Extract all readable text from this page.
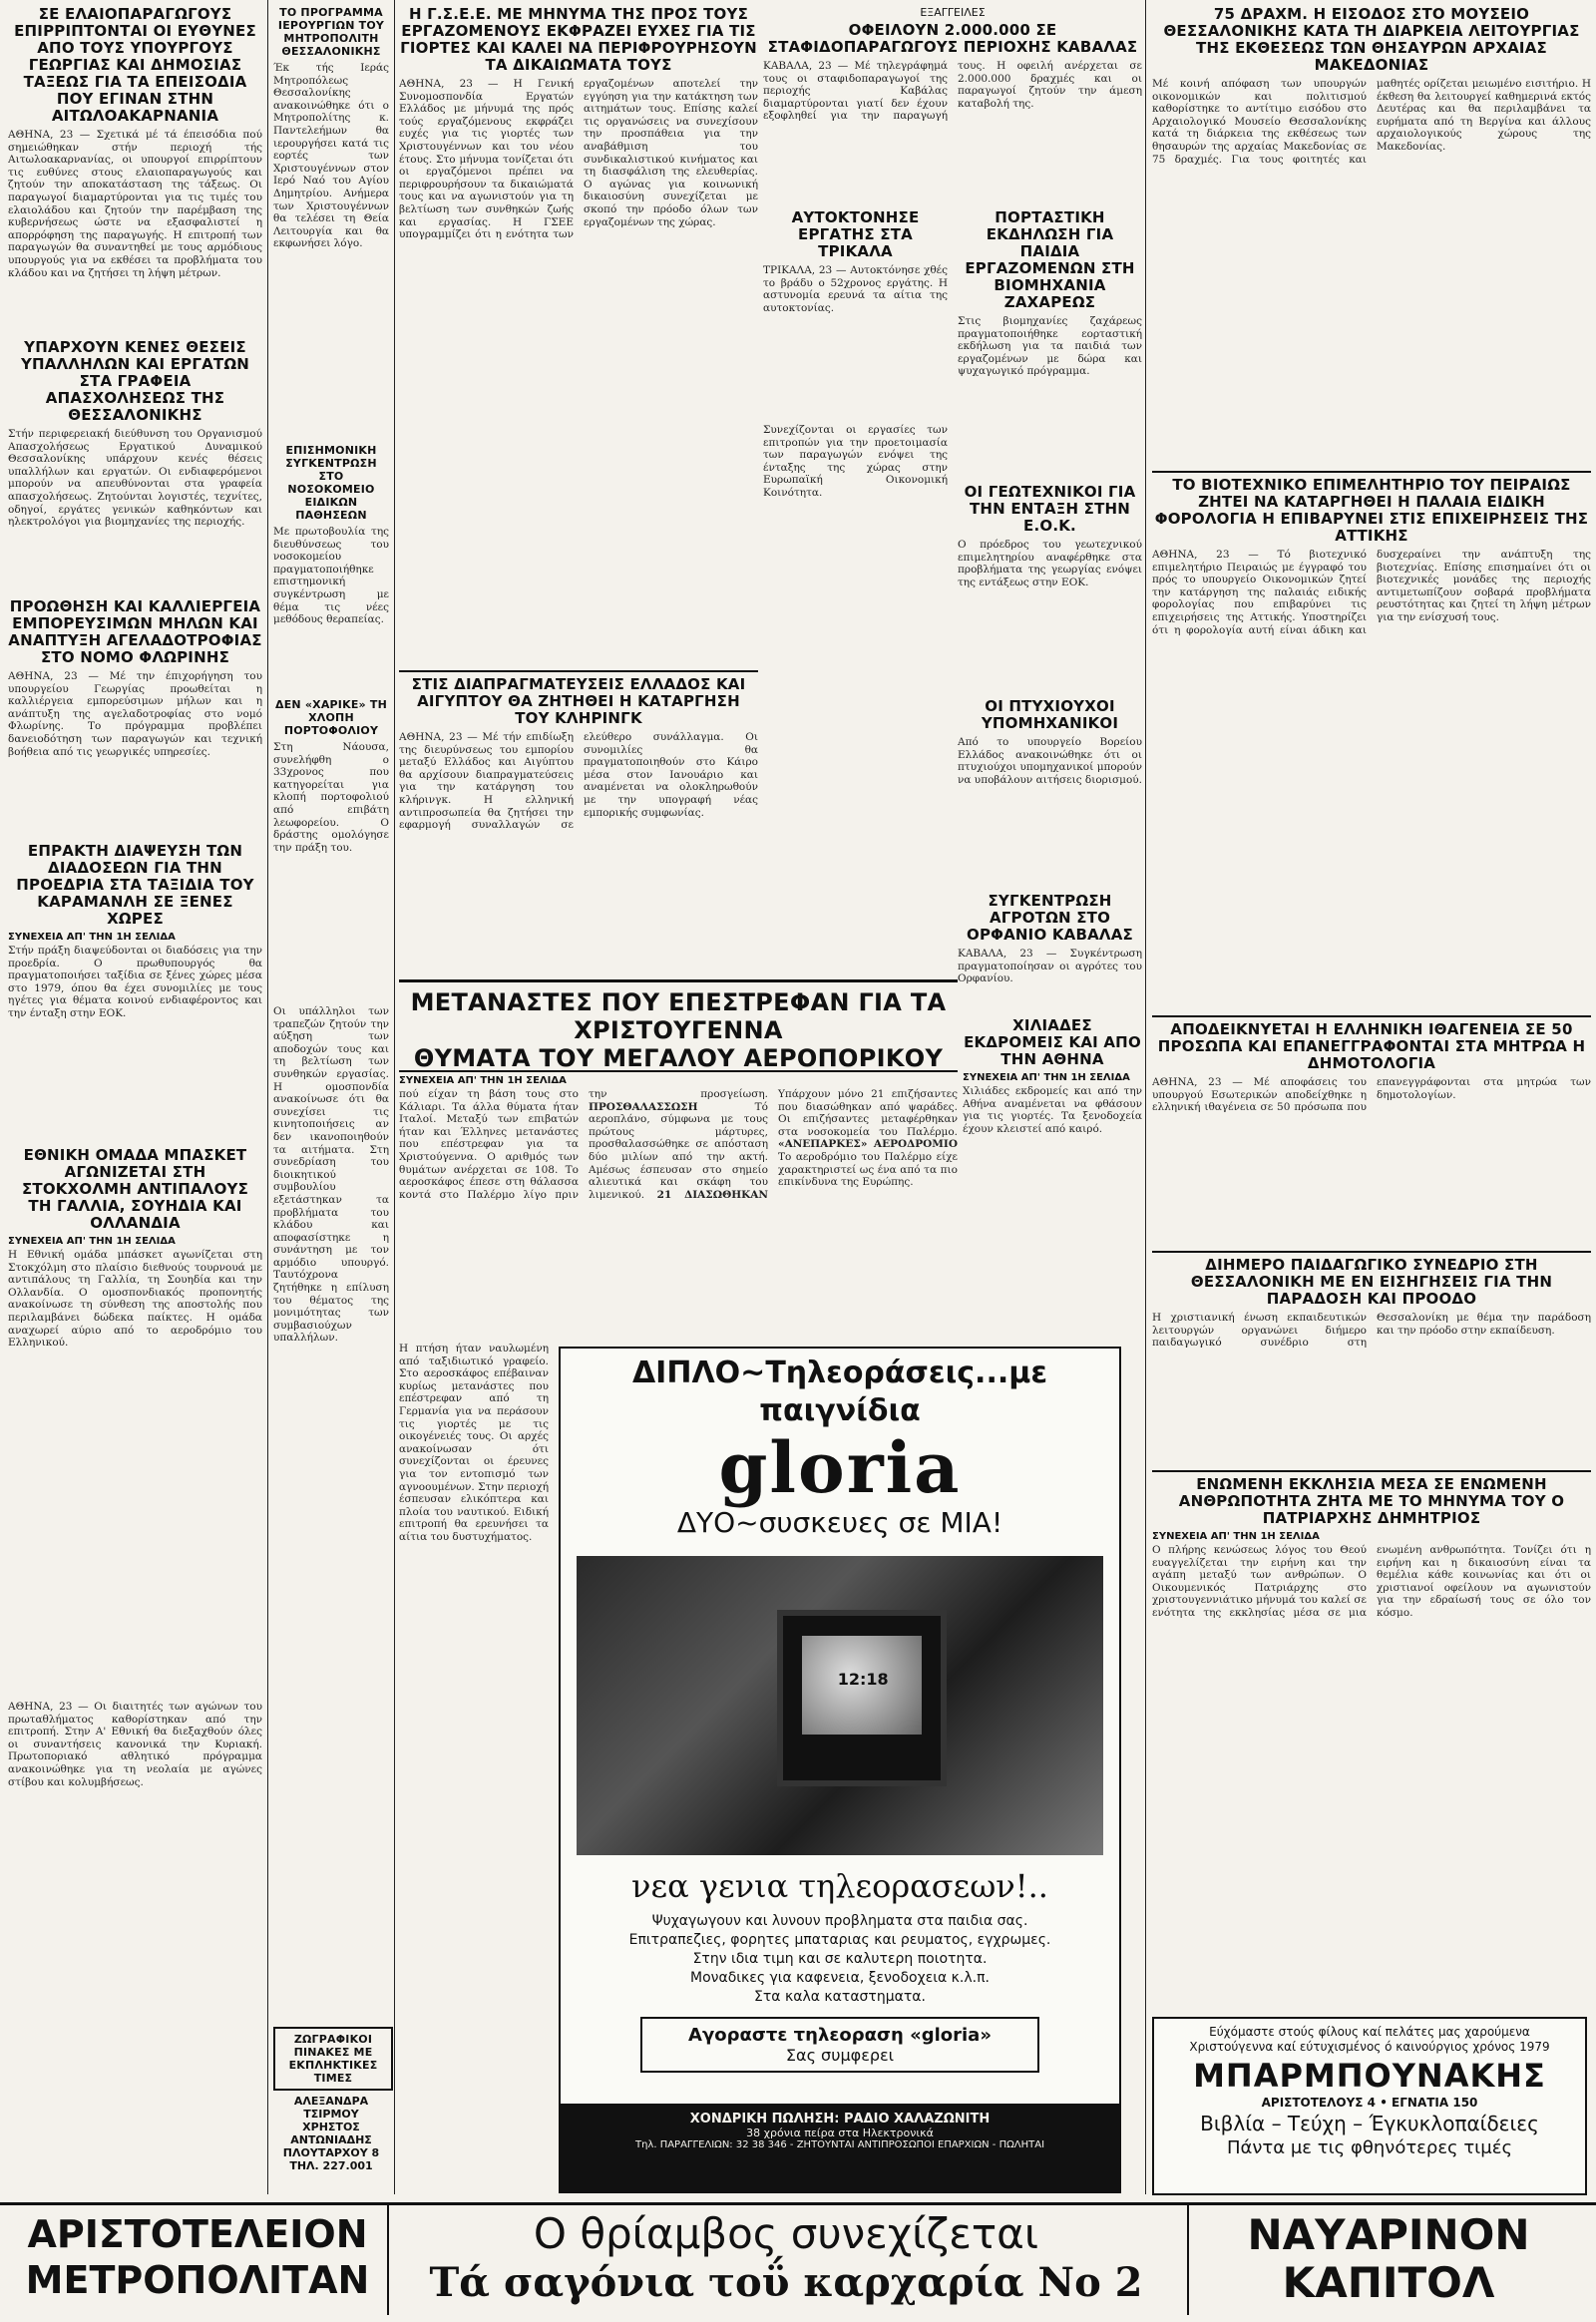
ΣΕ ΕΛΑΙΟΠΑΡΑΓΩΓΟΥΣ ΕΠΙΡΡΙΠΤΟΝΤΑΙ ΟΙ ΕΥΘΥΝΕΣ ΑΠΟ ΤΟΥΣ ΥΠΟΥΡΓΟΥΣ ΓΕΩΡΓΙΑΣ ΚΑΙ ΔΗΜΟΣΙΑΣ ΤΑΞΕΩΣ ΓΙΑ ΤΑ ΕΠΕΙΣΟΔΙΑ ΠΟΥ ΕΓΙΝΑΝ ΣΤΗΝ ΑΙΤΩΛΟΑΚΑΡΝΑΝΙΑ

ΑΘΗΝΑ, 23 — Σχετικά μέ τά έπεισόδια πού σημειώθηκαν στήν περιοχή τής Αιτωλοακαρνανίας, οι υπουργοί επιρρίπτουν τις ευθύνες στους ελαιοπαραγωγούς και ζητούν την αποκατάσταση της τάξεως. Οι παραγωγοί διαμαρτύρονται για τις τιμές του ελαιολάδου και ζητούν την παρέμβαση της κυβερνήσεως ώστε να εξασφαλιστεί η απορρόφηση της παραγωγής. Η επιτροπή των παραγωγών θα συναντηθεί με τους αρμόδιους υπουργούς για να εκθέσει τα προβλήματα του κλάδου και να ζητήσει τη λήψη μέτρων.

ΥΠΑΡΧΟΥΝ ΚΕΝΕΣ ΘΕΣΕΙΣ ΥΠΑΛΛΗΛΩΝ ΚΑΙ ΕΡΓΑΤΩΝ ΣΤΑ ΓΡΑΦΕΙΑ ΑΠΑΣΧΟΛΗΣΕΩΣ ΤΗΣ ΘΕΣΣΑΛΟΝΙΚΗΣ

Στήν περιφερειακή διεύθυνση του Οργανισμού Απασχολήσεως Εργατικού Δυναμικού Θεσσαλονίκης υπάρχουν κενές θέσεις υπαλλήλων και εργατών. Οι ενδιαφερόμενοι μπορούν να απευθύνονται στα γραφεία απασχολήσεως. Ζητούνται λογιστές, τεχνίτες, οδηγοί, εργάτες γενικών καθηκόντων και ηλεκτρολόγοι για βιομηχανίες της περιοχής.

ΠΡΟΩΘΗΣΗ ΚΑΙ ΚΑΛΛΙΕΡΓΕΙΑ ΕΜΠΟΡΕΥΣΙΜΩΝ ΜΗΛΩΝ ΚΑΙ ΑΝΑΠΤΥΞΗ ΑΓΕΛΑΔΟΤΡΟΦΙΑΣ ΣΤΟ ΝΟΜΟ ΦΛΩΡΙΝΗΣ

ΑΘΗΝΑ, 23 — Μέ την έπιχορήγηση του υπουργείου Γεωργίας προωθείται η καλλιέργεια εμπορεύσιμων μήλων και η ανάπτυξη της αγελαδοτροφίας στο νομό Φλωρίνης. Το πρόγραμμα προβλέπει δανειοδότηση των παραγωγών και τεχνική βοήθεια από τις γεωργικές υπηρεσίες.

ΕΠΡΑΚΤΗ ΔΙΑΨΕΥΣΗ ΤΩΝ ΔΙΑΔΟΣΕΩΝ ΓΙΑ ΤΗΝ ΠΡΟΕΔΡΙΑ ΣΤΑ ΤΑΞΙΔΙΑ ΤΟΥ ΚΑΡΑΜΑΝΛΗ ΣΕ ΞΕΝΕΣ ΧΩΡΕΣ

ΣΥΝΕΧΕΙΑ ΑΠ' ΤΗΝ 1Η ΣΕΛΙΔΑ

Στήν πράξη διαψεύδονται οι διαδόσεις για την προεδρία. Ο πρωθυπουργός θα πραγματοποιήσει ταξίδια σε ξένες χώρες μέσα στο 1979, όπου θα έχει συνομιλίες με τους ηγέτες για θέματα κοινού ενδιαφέροντος και την ένταξη στην ΕΟΚ.

ΕΘΝΙΚΗ ΟΜΑΔΑ ΜΠΑΣΚΕΤ ΑΓΩΝΙΖΕΤΑΙ ΣΤΗ ΣΤΟΚΧΟΛΜΗ ΑΝΤΙΠΑΛΟΥΣ ΤΗ ΓΑΛΛΙΑ, ΣΟΥΗΔΙΑ ΚΑΙ ΟΛΛΑΝΔΙΑ

ΣΥΝΕΧΕΙΑ ΑΠ' ΤΗΝ 1Η ΣΕΛΙΔΑ

Η Εθνική ομάδα μπάσκετ αγωνίζεται στη Στοκχόλμη στο πλαίσιο διεθνούς τουρνουά με αντιπάλους τη Γαλλία, τη Σουηδία και την Ολλανδία. Ο ομοσπονδιακός προπονητής ανακοίνωσε τη σύνθεση της αποστολής που περιλαμβάνει δώδεκα παίκτες. Η ομάδα αναχωρεί αύριο από το αεροδρόμιο του Ελληνικού.

ΑΘΗΝΑ, 23 — Οι διαιτητές των αγώνων του πρωταθλήματος καθορίστηκαν από την επιτροπή. Στην Α' Εθνική θα διεξαχθούν όλες οι συναντήσεις κανονικά την Κυριακή. Πρωτοποριακό αθλητικό πρόγραμμα ανακοινώθηκε για τη νεολαία με αγώνες στίβου και κολυμβήσεως.

ΤΟ ΠΡΟΓΡΑΜΜΑ ΙΕΡΟΥΡΓΙΩΝ ΤΟΥ ΜΗΤΡΟΠΟΛΙΤΗ ΘΕΣΣΑΛΟΝΙΚΗΣ

Έκ τής Ιεράς Μητροπόλεως Θεσσαλονίκης ανακοινώθηκε ότι ο Μητροπολίτης κ. Παντελεήμων θα ιερουργήσει κατά τις εορτές των Χριστουγέννων στον Ιερό Ναό του Αγίου Δημητρίου. Ανήμερα των Χριστουγέννων θα τελέσει τη Θεία Λειτουργία και θα εκφωνήσει λόγο.

ΕΠΙΣΗΜΟΝΙΚΗ ΣΥΓΚΕΝΤΡΩΣΗ ΣΤΟ ΝΟΣΟΚΟΜΕΙΟ ΕΙΔΙΚΩΝ ΠΑΘΗΣΕΩΝ

Με πρωτοβουλία της διευθύνσεως του νοσοκομείου πραγματοποιήθηκε επιστημονική συγκέντρωση με θέμα τις νέες μεθόδους θεραπείας.

ΔΕΝ «ΧΑΡΙΚΕ» ΤΗ ΧΛΟΠΗ ΠΟΡΤΟΦΟΛΙΟΥ

Στη Νάουσα, συνελήφθη ο 33χρονος που κατηγορείται για κλοπή πορτοφολιού από επιβάτη λεωφορείου. Ο δράστης ομολόγησε την πράξη του.

Οι υπάλληλοι των τραπεζών ζητούν την αύξηση των αποδοχών τους και τη βελτίωση των συνθηκών εργασίας. Η ομοσπονδία ανακοίνωσε ότι θα συνεχίσει τις κινητοποιήσεις αν δεν ικανοποιηθούν τα αιτήματα. Στη συνεδρίαση του διοικητικού συμβουλίου εξετάστηκαν τα προβλήματα του κλάδου και αποφασίστηκε η συνάντηση με τον αρμόδιο υπουργό. Ταυτόχρονα ζητήθηκε η επίλυση του θέματος της μονιμότητας των συμβασιούχων υπαλλήλων.

ΖΩΓΡΑΦΙΚΟΙ ΠΙΝΑΚΕΣ ΜΕ ΕΚΠΛΗΚΤΙΚΕΣ ΤΙΜΕΣ

ΑΛΕΞΑΝΔΡΑ ΤΣΙΡΜΟΥ ΧΡΗΣΤΟΣ ΑΝΤΩΝΙΑΔΗΣ ΠΛΟΥΤΑΡΧΟΥ 8 ΤΗΛ. 227.001

Η Γ.Σ.Ε.Ε. ΜΕ ΜΗΝΥΜΑ ΤΗΣ ΠΡΟΣ ΤΟΥΣ ΕΡΓΑΖΟΜΕΝΟΥΣ ΕΚΦΡΑΖΕΙ ΕΥΧΕΣ ΓΙΑ ΤΙΣ ΓΙΟΡΤΕΣ ΚΑΙ ΚΑΛΕΙ ΝΑ ΠΕΡΙΦΡΟΥΡΗΣΟΥΝ ΤΑ ΔΙΚΑΙΩΜΑΤΑ ΤΟΥΣ

ΑΘΗΝΑ, 23 — Η Γενική Συνομοσπονδία Εργατών Ελλάδος με μήνυμά της πρός τούς εργαζόμενους εκφράζει ευχές για τις γιορτές των Χριστουγέννων και του νέου έτους. Στο μήνυμα τονίζεται ότι οι εργαζόμενοι πρέπει να περιφρουρήσουν τα δικαιώματά τους και να αγωνιστούν για τη βελτίωση των συνθηκών ζωής και εργασίας. Η ΓΣΕΕ υπογραμμίζει ότι η ενότητα των εργαζομένων αποτελεί την εγγύηση για την κατάκτηση των αιτημάτων τους. Επίσης καλεί τις οργανώσεις να συνεχίσουν την προσπάθεια για την αναβάθμιση του συνδικαλιστικού κινήματος και τη διασφάλιση της ελευθερίας. Ο αγώνας για κοινωνική δικαιοσύνη συνεχίζεται με σκοπό την πρόοδο όλων των εργαζομένων της χώρας.

ΣΤΙΣ ΔΙΑΠΡΑΓΜΑΤΕΥΣΕΙΣ ΕΛΛΑΔΟΣ ΚΑΙ ΑΙΓΥΠΤΟΥ ΘΑ ΖΗΤΗΘΕΙ Η ΚΑΤΑΡΓΗΣΗ ΤΟΥ ΚΛΗΡΙΝΓΚ

ΑΘΗΝΑ, 23 — Μέ τήν επιδίωξη της διευρύνσεως του εμπορίου μεταξύ Ελλάδος και Αιγύπτου θα αρχίσουν διαπραγματεύσεις για την κατάργηση του κλήρινγκ. Η ελληνική αντιπροσωπεία θα ζητήσει την εφαρμογή συναλλαγών σε ελεύθερο συνάλλαγμα. Οι συνομιλίες θα πραγματοποιηθούν στο Κάιρο μέσα στον Ιανουάριο και αναμένεται να ολοκληρωθούν με την υπογραφή νέας εμπορικής συμφωνίας.

ΕΞΑΓΓΕΙΛΕΣ

ΟΦΕΙΛΟΥΝ 2.000.000 ΣΕ ΣΤΑΦΙΔΟΠΑΡΑΓΩΓΟΥΣ ΠΕΡΙΟΧΗΣ ΚΑΒΑΛΑΣ

ΚΑΒΑΛΑ, 23 — Μέ τηλεγράφημά τους οι σταφιδοπαραγωγοί της περιοχής Καβάλας διαμαρτύρονται γιατί δεν έχουν εξοφληθεί για την παραγωγή τους. Η οφειλή ανέρχεται σε 2.000.000 δραχμές και οι παραγωγοί ζητούν την άμεση καταβολή της.

ΑΥΤΟΚΤΟΝΗΣΕ ΕΡΓΑΤΗΣ ΣΤΑ ΤΡΙΚΑΛΑ

ΤΡΙΚΑΛΑ, 23 — Αυτοκτόνησε χθές το βράδυ ο 52χρονος εργάτης. Η αστυνομία ερευνά τα αίτια της αυτοκτονίας.

ΠΟΡΤΑΣΤΙΚΗ ΕΚΔΗΛΩΣΗ ΓΙΑ ΠΑΙΔΙΑ ΕΡΓΑΖΟΜΕΝΩΝ ΣΤΗ ΒΙΟΜΗΧΑΝΙΑ ΖΑΧΑΡΕΩΣ

Στις βιομηχανίες ζαχάρεως πραγματοποιήθηκε εορταστική εκδήλωση για τα παιδιά των εργαζομένων με δώρα και ψυχαγωγικό πρόγραμμα.

Συνεχίζονται οι εργασίες των επιτροπών για την προετοιμασία των παραγωγών ενόψει της ένταξης της χώρας στην Ευρωπαϊκή Οικονομική Κοινότητα.	ΟΙ ΓΕΩΤΕΧΝΙΚΟΙ ΓΙΑ ΤΗΝ ΕΝΤΑΞΗ ΣΤΗΝ Ε.Ο.Κ.

Ο πρόεδρος του γεωτεχνικού επιμελητηρίου αναφέρθηκε στα προβλήματα της γεωργίας ενόψει της εντάξεως στην ΕΟΚ.

ΟΙ ΠΤΥΧΙΟΥΧΟΙ ΥΠΟΜΗΧΑΝΙΚΟΙ

Από το υπουργείο Βορείου Ελλάδος ανακοινώθηκε ότι οι πτυχιούχοι υπομηχανικοί μπορούν να υποβάλουν αιτήσεις διορισμού.

ΣΥΓΚΕΝΤΡΩΣΗ ΑΓΡΟΤΩΝ ΣΤΟ ΟΡΦΑΝΙΟ ΚΑΒΑΛΑΣ

ΚΑΒΑΛΑ, 23 — Συγκέντρωση πραγματοποίησαν οι αγρότες του Ορφανίου.

ΜΕΤΑΝΑΣΤΕΣ ΠΟΥ ΕΠΕΣΤΡΕΦΑΝ ΓΙΑ ΤΑ ΧΡΙΣΤΟΥΓΕΝΝΑ
ΘΥΜΑΤΑ ΤΟΥ ΜΕΓΑΛΟΥ ΑΕΡΟΠΟΡΙΚΟΥ

ΣΥΝΕΧΕΙΑ ΑΠ' ΤΗΝ 1Η ΣΕΛΙΔΑ

πού είχαν τη βάση τους στο Κάλιαρι. Τα άλλα θύματα ήταν Ιταλοί. Μεταξύ των επιβατών ήταν και Έλληνες μετανάστες που επέστρεφαν για τα Χριστούγεννα. Ο αριθμός των θυμάτων ανέρχεται σε 108. Το αεροσκάφος έπεσε στη θάλασσα κοντά στο Παλέρμο λίγο πριν την προσγείωση. ΠΡΟΣΘΑΛΑΣΣΩΣΗ Τό αεροπλάνο, σύμφωνα με τους πρώτους μάρτυρες, προσθαλασσώθηκε σε απόσταση δύο μιλίων από την ακτή. Αμέσως έσπευσαν στο σημείο αλιευτικά και σκάφη του λιμενικού. 21 ΔΙΑΣΩΘΗΚΑΝ Υπάρχουν μόνο 21 επιζήσαντες που διασώθηκαν από ψαράδες. Οι επιζήσαντες μεταφέρθηκαν στα νοσοκομεία του Παλέρμο. «ΑΝΕΠΑΡΚΕΣ» ΑΕΡΟΔΡΟΜΙΟ Το αεροδρόμιο του Παλέρμο είχε χαρακτηριστεί ως ένα από τα πιο επικίνδυνα της Ευρώπης.

ΔΙΠΛΟ~Τηλεοράσεις...με παιγνίδια
gloria
ΔΥΟ~συσκευες σε ΜΙΑ!
12:18
νεα γενια τηλεορασεων!..
Ψυχαγωγουν και λυνουν προβληματα στα παιδια σας.
Επιτραπεζιες, φορητες μπαταριας και ρευματος, εγχρωμες.
Στην ιδια τιμη και σε καλυτερη ποιοτητα.
Μοναδικες για καφενεια, ξενοδοχεια κ.λ.π.
Στα καλα καταστηματα.
Αγοραστε τηλεοραση «gloria»
Σας συμφερει
ΧΟΝΔΡΙΚΗ ΠΩΛΗΣΗ: ΡΑΔΙΟ ΧΑΛΑΖΩΝΙΤΗ
38 χρόνια πείρα στα Ηλεκτρονικά
Τηλ. ΠΑΡΑΓΓΕΛΙΩΝ: 32 38 346 - ΖΗΤΟΥΝΤΑΙ ΑΝΤΙΠΡΟΣΩΠΟΙ ΕΠΑΡΧΙΩΝ - ΠΩΛΗΤΑΙ

Η πτήση ήταν ναυλωμένη από ταξιδιωτικό γραφείο. Στο αεροσκάφος επέβαιναν κυρίως μετανάστες που επέστρεφαν από τη Γερμανία για να περάσουν τις γιορτές με τις οικογένειές τους. Οι αρχές ανακοίνωσαν ότι συνεχίζονται οι έρευνες για τον εντοπισμό των αγνοουμένων. Στην περιοχή έσπευσαν ελικόπτερα και πλοία του ναυτικού. Ειδική επιτροπή θα ερευνήσει τα αίτια του δυστυχήματος.

ΧΙΛΙΑΔΕΣ ΕΚΔΡΟΜΕΙΣ ΚΑΙ ΑΠΟ ΤΗΝ ΑΘΗΝΑ

ΣΥΝΕΧΕΙΑ ΑΠ' ΤΗΝ 1Η ΣΕΛΙΔΑ

Χιλιάδες εκδρομείς και από την Αθήνα αναμένεται να φθάσουν για τις γιορτές. Τα ξενοδοχεία έχουν κλειστεί από καιρό.

75 ΔΡΑΧΜ. Η ΕΙΣΟΔΟΣ ΣΤΟ ΜΟΥΣΕΙΟ ΘΕΣΣΑΛΟΝΙΚΗΣ ΚΑΤΑ ΤΗ ΔΙΑΡΚΕΙΑ ΛΕΙΤΟΥΡΓΙΑΣ ΤΗΣ ΕΚΘΕΣΕΩΣ ΤΩΝ ΘΗΣΑΥΡΩΝ ΑΡΧΑΙΑΣ ΜΑΚΕΔΟΝΙΑΣ

Μέ κοινή απόφαση των υπουργών οικονομικών και πολιτισμού καθορίστηκε το αντίτιμο εισόδου στο Αρχαιολογικό Μουσείο Θεσσαλονίκης κατά τη διάρκεια της εκθέσεως των θησαυρών της αρχαίας Μακεδονίας σε 75 δραχμές. Για τους φοιτητές και μαθητές ορίζεται μειωμένο εισιτήριο. Η έκθεση θα λειτουργεί καθημερινά εκτός Δευτέρας και θα περιλαμβάνει τα ευρήματα από τη Βεργίνα και άλλους αρχαιολογικούς χώρους της Μακεδονίας.

ΤΟ ΒΙΟΤΕΧΝΙΚΟ ΕΠΙΜΕΛΗΤΗΡΙΟ ΤΟΥ ΠΕΙΡΑΙΩΣ ΖΗΤΕΙ ΝΑ ΚΑΤΑΡΓΗΘΕΙ Η ΠΑΛΑΙΑ ΕΙΔΙΚΗ ΦΟΡΟΛΟΓΙΑ Η ΕΠΙΒΑΡΥΝΕΙ ΣΤΙΣ ΕΠΙΧΕΙΡΗΣΕΙΣ ΤΗΣ ΑΤΤΙΚΗΣ

ΑΘΗΝΑ, 23 — Τό βιοτεχνικό επιμελητήριο Πειραιώς με έγγραφό του πρός το υπουργείο Οικονομικών ζητεί την κατάργηση της παλαιάς ειδικής φορολογίας που επιβαρύνει τις επιχειρήσεις της Αττικής. Υποστηρίζει ότι η φορολογία αυτή είναι άδικη και δυσχεραίνει την ανάπτυξη της βιοτεχνίας. Επίσης επισημαίνει ότι οι βιοτεχνικές μονάδες της περιοχής αντιμετωπίζουν σοβαρά προβλήματα ρευστότητας και ζητεί τη λήψη μέτρων για την ενίσχυσή τους.

ΑΠΟΔΕΙΚΝΥΕΤΑΙ Η ΕΛΛΗΝΙΚΗ ΙΘΑΓΕΝΕΙΑ ΣΕ 50 ΠΡΟΣΩΠΑ ΚΑΙ ΕΠΑΝΕΓΓΡΑΦΟΝΤΑΙ ΣΤΑ ΜΗΤΡΩΑ Η ΔΗΜΟΤΟΛΟΓΙΑ

ΑΘΗΝΑ, 23 — Μέ αποφάσεις του υπουργού Εσωτερικών αποδείχθηκε η ελληνική ιθαγένεια σε 50 πρόσωπα που επανεγγράφονται στα μητρώα των δημοτολογίων.

ΔΙΗΜΕΡΟ ΠΑΙΔΑΓΩΓΙΚΟ ΣΥΝΕΔΡΙΟ ΣΤΗ ΘΕΣΣΑΛΟΝΙΚΗ ΜΕ ΕΝ ΕΙΣΗΓΗΣΕΙΣ ΓΙΑ ΤΗΝ ΠΑΡΑΔΟΣΗ ΚΑΙ ΠΡΟΟΔΟ

Η χριστιανική ένωση εκπαιδευτικών λειτουργών οργανώνει διήμερο παιδαγωγικό συνέδριο στη Θεσσαλονίκη με θέμα την παράδοση και την πρόοδο στην εκπαίδευση.

ΕΝΩΜΕΝΗ ΕΚΚΛΗΣΙΑ ΜΕΣΑ ΣΕ ΕΝΩΜΕΝΗ ΑΝΘΡΩΠΟΤΗΤΑ ΖΗΤΑ ΜΕ ΤΟ ΜΗΝΥΜΑ ΤΟΥ Ο ΠΑΤΡΙΑΡΧΗΣ ΔΗΜΗΤΡΙΟΣ

ΣΥΝΕΧΕΙΑ ΑΠ' ΤΗΝ 1Η ΣΕΛΙΔΑ

Ο πλήρης κενώσεως λόγος του Θεού ευαγγελίζεται την ειρήνη και την αγάπη μεταξύ των ανθρώπων. Ο Οικουμενικός Πατριάρχης στο χριστουγεννιάτικο μήνυμά του καλεί σε ενότητα της εκκλησίας μέσα σε μια ενωμένη ανθρωπότητα. Τονίζει ότι η ειρήνη και η δικαιοσύνη είναι τα θεμέλια κάθε κοινωνίας και ότι οι χριστιανοί οφείλουν να αγωνιστούν για την εδραίωσή τους σε όλο τον κόσμο.

Εύχόμαστε στούς φίλους καί πελάτες μας χαρούμενα Χριστούγεννα καί εύτυχισμένος ό καινούργιος χρόνος 1979
ΜΠΑΡΜΠΟΥΝΑΚΗΣ
ΑΡΙΣΤΟΤΕΛΟΥΣ 4 • ΕΓΝΑΤΙΑ 150
Βιβλία – Τεύχη – Έγκυκλοπαίδειες
Πάντα με τις φθηνότερες τιμές
ΑΡΙΣΤΟΤΕΛΕΙΟΝ
ΜΕΤΡΟΠΟΛΙΤΑΝ
Ο θρίαμβος συνεχίζεται
Τά σαγόνια τοΰ καρχαρία Νο 2
ΝΑΥΑΡΙΝΟΝ
ΚΑΠΙΤΟΛ
